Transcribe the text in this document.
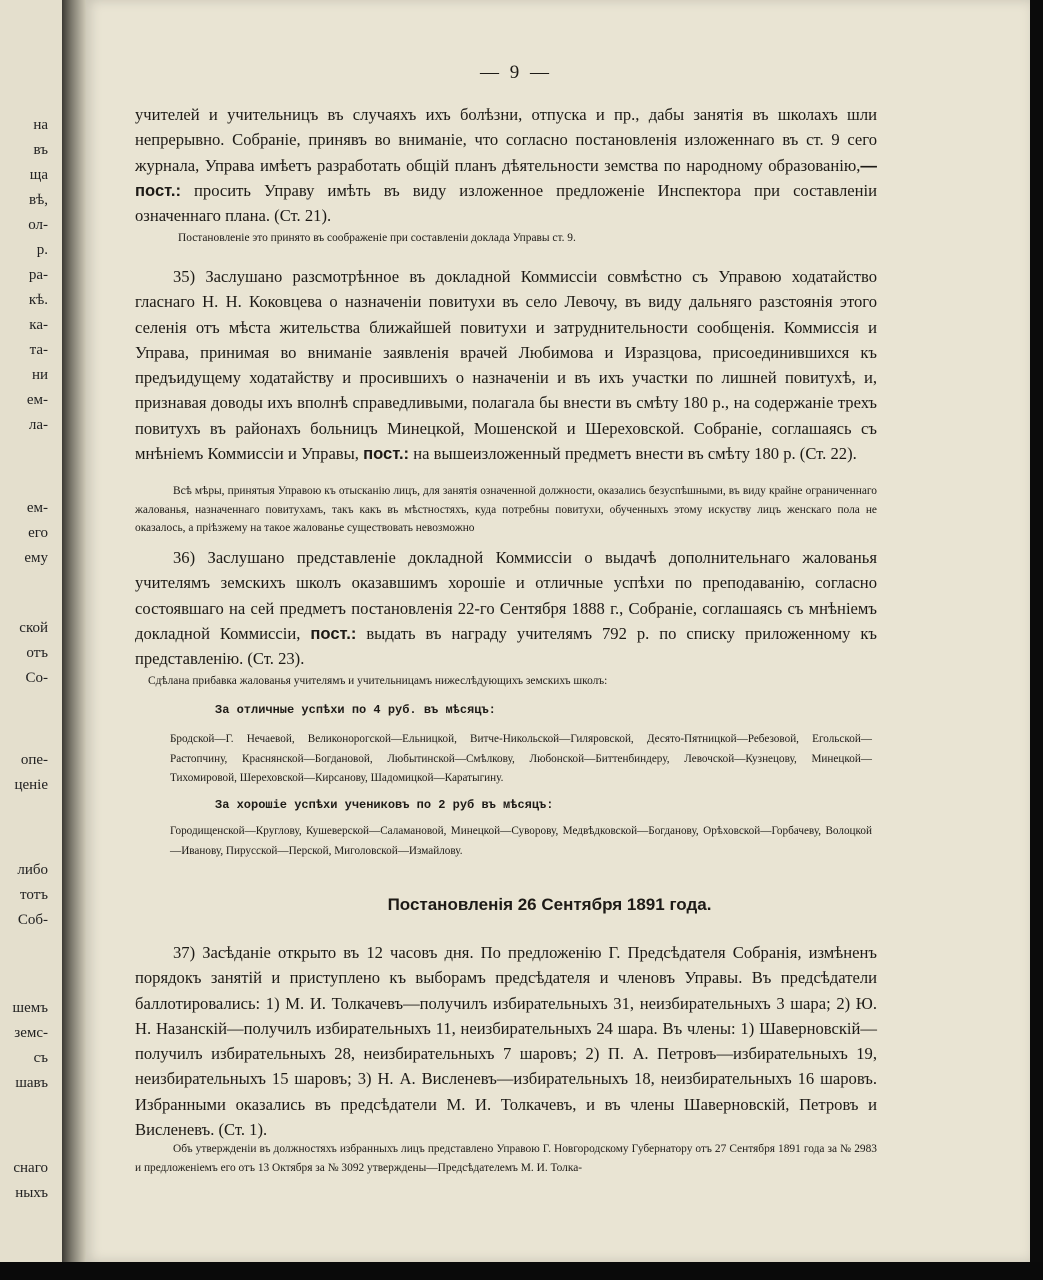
на
въ
ща
вѣ,
ол-
р.
ра-
кѣ.
ка-
та-
ни
ем-
ла-
ем-
его
ему
ской
отъ
Со-
опе-
ценіе
либо
тотъ
Соб-
шемъ
земс-
съ
шавъ
снаго
ныхъ
— 9 —

учителей и учительницъ въ случаяхъ ихъ болѣзни, отпуска и пр., дабы занятія въ школахъ шли непрерывно. Собраніе, принявъ во вниманіе, что согласно постановленія изложеннаго въ ст. 9 сего журнала, Управа имѣетъ разработать общій планъ дѣятельности земства по народному образованію,—пост.: просить Управу имѣть въ виду изложенное предложеніе Инспектора при составленіи означеннаго плана. (Ст. 21).

Постановленіе это принято въ соображеніе при составленіи доклада Управы ст. 9.

35) Заслушано разсмотрѣнное въ докладной Коммиссіи совмѣстно съ Управою ходатайство гласнаго Н. Н. Коковцева о назначеніи повитухи въ село Левочу, въ виду дальняго разстоянія этого селенія отъ мѣста жительства ближайшей повитухи и затруднительности сообщенія. Коммиссія и Управа, принимая во вниманіе заявленія врачей Любимова и Изразцова, присоединившихся къ предъидущему ходатайству и просившихъ о назначеніи и въ ихъ участки по лишней повитухѣ, и, признавая доводы ихъ вполнѣ справедливыми, полагала бы внести въ смѣту 180 р., на содержаніе трехъ повитухъ въ районахъ больницъ Минецкой, Мошенской и Шереховской. Собраніе, соглашаясь съ мнѣніемъ Коммиссіи и Управы, пост.: на вышеизложенный предметъ внести въ смѣту 180 р. (Ст. 22).

Всѣ мѣры, принятыя Управою къ отысканію лицъ, для занятія означенной должности, оказались безуспѣшными, въ виду крайне ограниченнаго жалованья, назначеннаго повитухамъ, такъ какъ въ мѣстностяхъ, куда потребны повитухи, обученныхъ этому искуству лицъ женскаго пола не оказалось, а пріѣзжему на такое жалованье существовать невозможно

36) Заслушано представленіе докладной Коммиссіи о выдачѣ дополнительнаго жалованья учителямъ земскихъ школъ оказавшимъ хорошіе и отличные успѣхи по преподаванію, согласно состоявшаго на сей предметъ постановленія 22-го Сентября 1888 г., Собраніе, соглашаясь съ мнѣніемъ докладной Коммиссіи, пост.: выдать въ награду учителямъ 792 р. по списку приложенному къ представленію. (Ст. 23).

Сдѣлана прибавка жалованья учителямъ и учительницамъ нижеслѣдующихъ земскихъ школъ:

За отличные успѣхи по 4 руб. въ мѣсяцъ:

Бродской—Г. Нечаевой, Великонорогской—Ельницкой, Витче-Никольской—Гиляровской, Десято-Пятницкой—Ребезовой, Егольской—Растопчину, Краснянской—Богдановой, Любытинской—Смѣлкову, Любонской—Биттенбиндеру, Левочской—Кузнецову, Минецкой—Тихомировой, Шереховской—Кирсанову, Шадомицкой—Каратыгину.

За хорошіе успѣхи учениковъ по 2 руб въ мѣсяцъ:

Городищенской—Круглову, Кушеверской—Саламановой, Минецкой—Суворову, Медвѣдковской—Богданову, Орѣховской—Горбачеву, Волоцкой—Иванову, Пирусской—Перской, Миголовской—Измайлову.

Постановленія 26 Сентября 1891 года.

37) Засѣданіе открыто въ 12 часовъ дня. По предложенію Г. Предсѣдателя Собранія, измѣненъ порядокъ занятій и приступлено къ выборамъ предсѣдателя и членовъ Управы. Въ предсѣдатели баллотировались: 1) М. И. Толкачевъ—получилъ избирательныхъ 31, неизбирательныхъ 3 шара; 2) Ю. Н. Назанскій—получилъ избирательныхъ 11, неизбирательныхъ 24 шара. Въ члены: 1) Шаверновскій—получилъ избирательныхъ 28, неизбирательныхъ 7 шаровъ; 2) П. А. Петровъ—избирательныхъ 19, неизбирательныхъ 15 шаровъ; 3) Н. А. Висленевъ—избирательныхъ 18, неизбирательныхъ 16 шаровъ. Избранными оказались въ предсѣдатели М. И. Толкачевъ, и въ члены Шаверновскій, Петровъ и Висленевъ. (Ст. 1).

Объ утвержденіи въ должностяхъ избранныхъ лицъ представлено Управою Г. Новгородскому Губернатору отъ 27 Сентября 1891 года за № 2983 и предложеніемъ его отъ 13 Октября за № 3092 утверждены—Предсѣдателемъ М. И. Толка-
